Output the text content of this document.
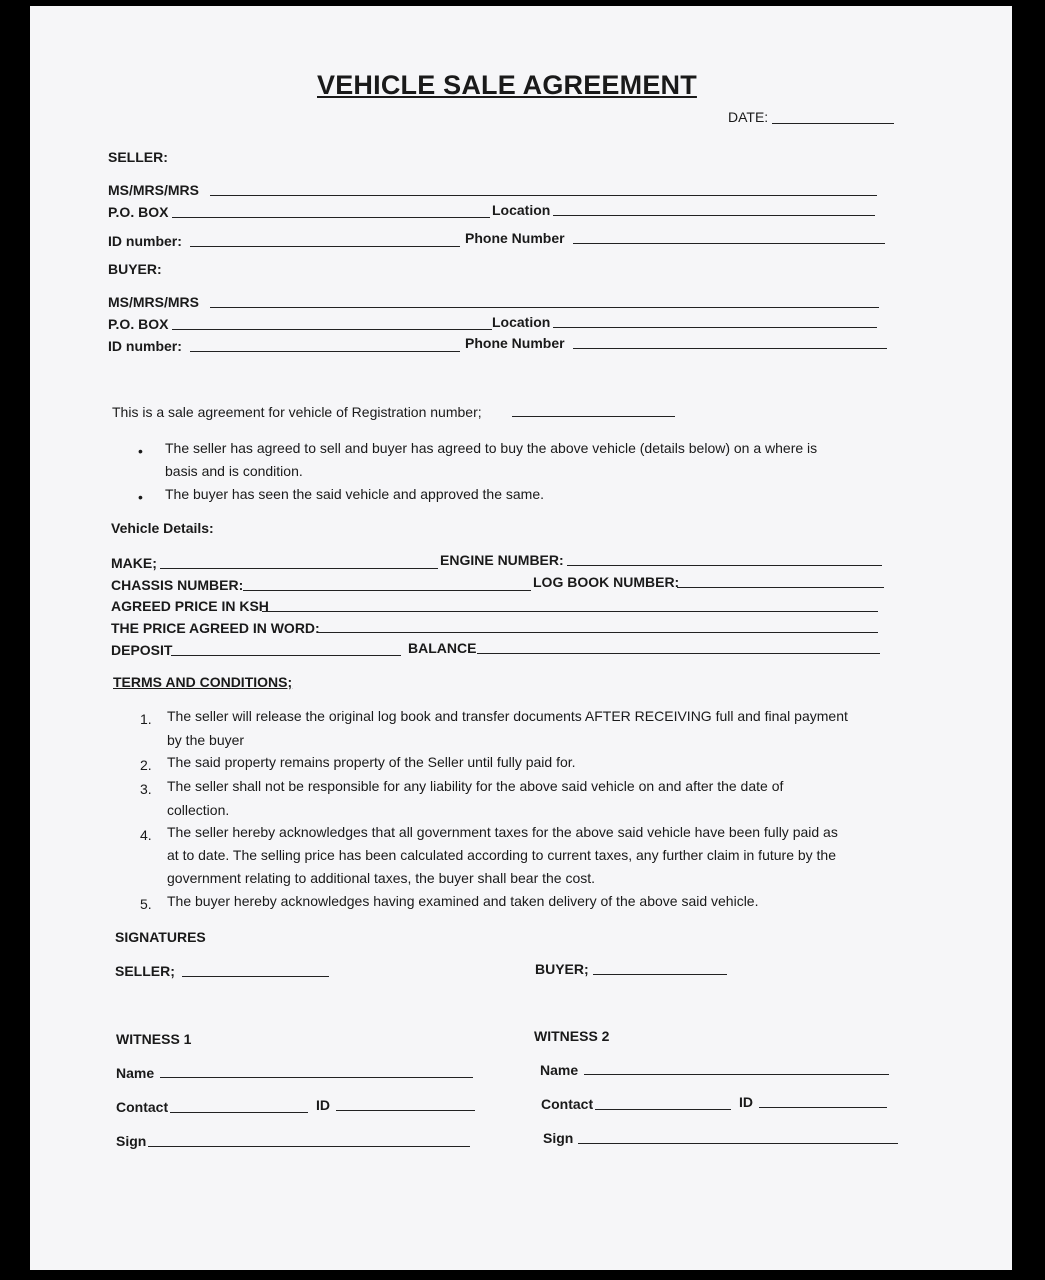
VEHICLE SALE AGREEMENT
DATE:
SELLER:
MS/MRS/MRS
P.O. BOX	Location
ID number:	Phone Number
BUYER:
MS/MRS/MRS
P.O. BOX	Location
ID number:	Phone Number
This is a sale agreement for vehicle of Registration number;
• The seller has agreed to sell and buyer has agreed to buy the above vehicle (details below) on a where is
basis and is condition.
• The buyer has seen the said vehicle and approved the same.
Vehicle Details:
MAKE;	ENGINE NUMBER:
CHASSIS NUMBER:	LOG BOOK NUMBER:
AGREED PRICE IN KSH
THE PRICE AGREED IN WORD:
DEPOSIT	BALANCE
TERMS AND CONDITIONS;
1. The seller will release the original log book and transfer documents AFTER RECEIVING full and final payment
by the buyer
2. The said property remains property of the Seller until fully paid for.
3. The seller shall not be responsible for any liability for the above said vehicle on and after the date of
collection.
4. The seller hereby acknowledges that all government taxes for the above said vehicle have been fully paid as
at to date. The selling price has been calculated according to current taxes, any further claim in future by the
government relating to additional taxes, the buyer shall bear the cost.
5. The buyer hereby acknowledges having examined and taken delivery of the above said vehicle.
SIGNATURES
SELLER;	BUYER;
WITNESS 1
Name
Contact	ID
Sign
WITNESS 2
Name
Contact	ID
Sign
